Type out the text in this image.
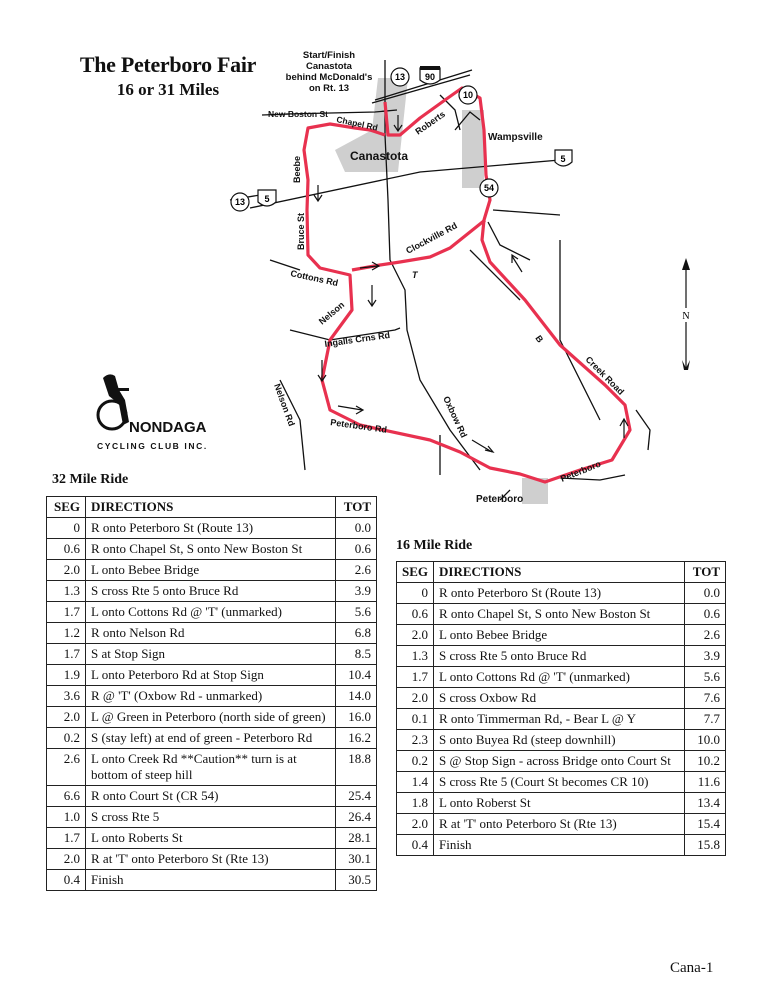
The Peterboro Fair
16 or 31 Miles
13 90
10
5
54
13 5
Start/Finish
Canastota
behind McDonald's
on Rt. 13
Canastota
Wampsville
Peterboro
New Boston St
Chapel Rd	Roberts
Beebe
Bruce St
Cottons Rd
Clockville Rd
T
Nelson
Ingalls Crns Rd
Nelson Rd	Peterboro Rd	Oxbow Rd
B
Creek Road
Peterboro
N
NONDAGA
CYCLING CLUB INC.
32 Mile Ride
SEG	DIRECTIONS	TOT
0	R onto Peterboro St (Route 13)	0.0
0.6	R onto Chapel St, S onto New Boston St	0.6
2.0	L onto Bebee Bridge	2.6
1.3	S cross Rte 5 onto Bruce Rd	3.9
1.7	L onto Cottons Rd @ 'T' (unmarked)	5.6
1.2	R onto Nelson Rd	6.8
1.7	S at Stop Sign	8.5
1.9	L onto Peterboro Rd at Stop Sign	10.4
3.6	R @ 'T' (Oxbow Rd - unmarked)	14.0
2.0	L @ Green in Peterboro (north side of green)	16.0
0.2	S (stay left) at end of green - Peterboro Rd	16.2
2.6	L onto Creek Rd **Caution** turn is at bottom of steep hill	18.8
6.6	R onto Court St (CR 54)	25.4
1.0	S cross Rte 5	26.4
1.7	L onto Roberts St	28.1
2.0	R at 'T' onto Peterboro St (Rte 13)	30.1
0.4	Finish	30.5
16 Mile Ride
SEG	DIRECTIONS	TOT
0	R onto Peterboro St (Route 13)	0.0
0.6	R onto Chapel St, S onto New Boston St	0.6
2.0	L onto Bebee Bridge	2.6
1.3	S cross Rte 5 onto Bruce Rd	3.9
1.7	L onto Cottons Rd @ 'T' (unmarked)	5.6
2.0	S cross Oxbow Rd	7.6
0.1	R onto Timmerman Rd, - Bear L @ Y	7.7
2.3	S onto Buyea Rd (steep downhill)	10.0
0.2	S @ Stop Sign - across Bridge onto Court St	10.2
1.4	S cross Rte 5 (Court St becomes CR 10)	11.6
1.8	L onto Roberst St	13.4
2.0	R at 'T' onto Peterboro St (Rte 13)	15.4
0.4	Finish	15.8
Cana-1
